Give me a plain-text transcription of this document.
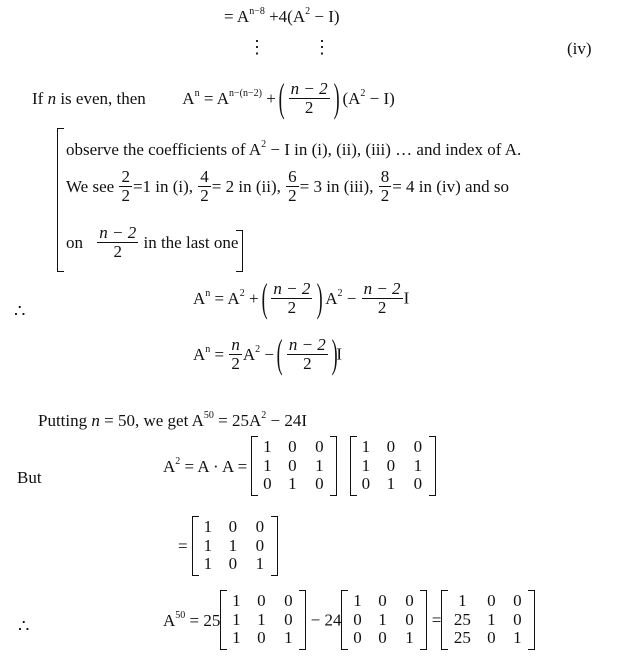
= $A^{n-8} +4(A^2 - I)$
⋮	⋮	(iv)
If n is even, then $A^n = A^{n-(n-2)}$ + ( $\frac{n - 2}{2}$ ) $(A^2 - I)$
observe the coefficients of $A^2 - I$ in (i), (ii), (iii) … and index of A.
We see $\frac{2}{2} =1$ in (i), $\frac{4}{2} = 2$ in (ii), $\frac{6}{2} = 3$ in (iii), $\frac{8}{2} = 4$ in (iv) and so
on $\frac{n - 2}{2}$ in the last one
∴
$A^n = A^2$ + ( $\frac{n - 2}{2}$ ) $A^2 - \frac{n - 2}{2}$ I
$A^n = \frac{n}{2} A^2$ − ( $\frac{n - 2}{2} )I$
Putting n = 50, we get $A^{50} = 25A^2 - 24I$
But
$A^2 = A \cdot A$ =
1 0	0
1 0	1
0 1	0

1 0	0
1 0	1
0 1	0
=
1 0	0
1 1	0
1 0	1
∴	$A^{50} = 25$
1 0	0
1 1	0
1 0	1
− 24
1 0	0
0 1	0
0 0	1
=
1	0	0
25 1	0
25 0	1
